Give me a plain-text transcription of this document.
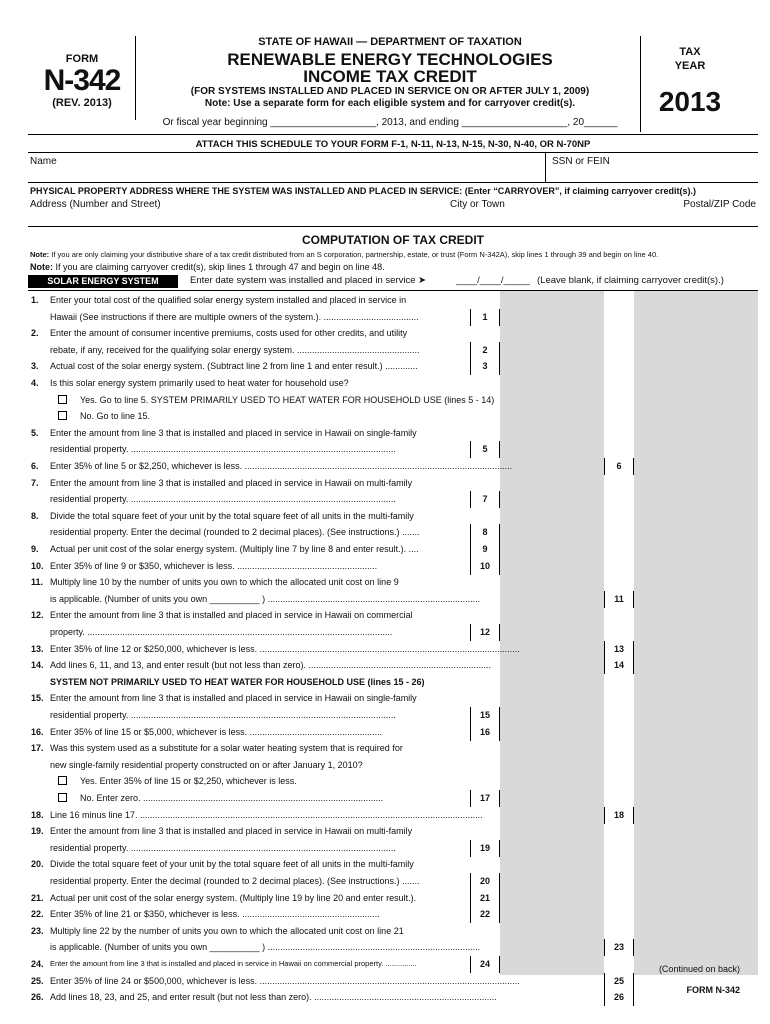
FORM
N-342
(REV. 2013)
STATE OF HAWAII — DEPARTMENT OF TAXATION
RENEWABLE ENERGY TECHNOLOGIES
INCOME TAX CREDIT
(FOR SYSTEMS INSTALLED AND PLACED IN SERVICE ON OR AFTER JULY 1, 2009)
Note: Use a separate form for each eligible system and for carryover credit(s).
Or fiscal year beginning ___________________, 2013, and ending ___________________, 20______
TAX
YEAR
2013
ATTACH THIS SCHEDULE TO YOUR FORM F-1, N-11, N-13, N-15, N-30, N-40, OR N-70NP
Name	SSN or FEIN
PHYSICAL PROPERTY ADDRESS WHERE THE SYSTEM WAS INSTALLED AND PLACED IN SERVICE: (Enter “CARRYOVER”, if claiming carryover credit(s).)
Address (Number and Street)	City or Town	Postal/ZIP Code
COMPUTATION OF TAX CREDIT
Note: If you are only claiming your distributive share of a tax credit distributed from an S corporation, partnership, estate, or trust (Form N-342A), skip lines 1 through 39 and begin on line 40.
Note: If you are claiming carryover credit(s), skip lines 1 through 47 and begin on line 48.
SOLAR ENERGY SYSTEM	Enter date system was installed and placed in service ➤	____/____/_____ (Leave blank, if claiming carryover credit(s).)
1. Enter your total cost of the qualified solar energy system installed and placed in service in
Hawaii (See instructions if there are multiple owners of the system.). ......................................	1
2. Enter the amount of consumer incentive premiums, costs used for other credits, and utility
rebate, if any, received for the qualifying solar energy system. .................................................	2
3. Actual cost of the solar energy system. (Subtract line 2 from line 1 and enter result.) .............	3
4. Is this solar energy system primarily used to heat water for household use?
Yes. Go to line 5. SYSTEM PRIMARILY USED TO HEAT WATER FOR HOUSEHOLD USE (lines 5 - 14)
No. Go to line 15.
5. Enter the amount from line 3 that is installed and placed in service in Hawaii on single-family
residential property. ..........................................................................................................	5
6. Enter 35% of line 5 or $2,250, whichever is less. ...........................................................................................................	6
7. Enter the amount from line 3 that is installed and placed in service in Hawaii on multi-family
residential property. ..........................................................................................................	7
8. Divide the total square feet of your unit by the total square feet of all units in the multi-family
residential property. Enter the decimal (rounded to 2 decimal places). (See instructions.) .......	8
9. Actual per unit cost of the solar energy system. (Multiply line 7 by line 8 and enter result.). ....	9
10. Enter 35% of line 9 or $350, whichever is less. ........................................................	10
11. Multiply line 10 by the number of units you own to which the allocated unit cost on line 9
is applicable. (Number of units you own __________ ) .....................................................................................	11
12. Enter the amount from line 3 that is installed and placed in service in Hawaii on commercial
property. ..........................................................................................................................	12
13. Enter 35% of line 12 or $250,000, whichever is less. ........................................................................................................	13
14. Add lines 6, 11, and 13, and enter result (but not less than zero). .........................................................................	14
SYSTEM NOT PRIMARILY USED TO HEAT WATER FOR HOUSEHOLD USE (lines 15 - 26)
15. Enter the amount from line 3 that is installed and placed in service in Hawaii on single-family
residential property. ..........................................................................................................	15
16. Enter 35% of line 15 or $5,000, whichever is less. .....................................................	16
17. Was this system used as a substitute for a solar water heating system that is required for
new single-family residential property constructed on or after January 1, 2010?
Yes. Enter 35% of line 15 or $2,250, whichever is less.
No. Enter zero. ................................................................................................	17
18. Line 16 minus line 17. .........................................................................................................................................	18
19. Enter the amount from line 3 that is installed and placed in service in Hawaii on multi-family
residential property. ..........................................................................................................	19
20. Divide the total square feet of your unit by the total square feet of all units in the multi-family
residential property. Enter the decimal (rounded to 2 decimal places). (See instructions.) .......	20
21. Actual per unit cost of the solar energy system. (Multiply line 19 by line 20 and enter result.).	21
22. Enter 35% of line 21 or $350, whichever is less. .......................................................	22
23. Multiply line 22 by the number of units you own to which the allocated unit cost on line 21
is applicable. (Number of units you own __________ ) .....................................................................................	23
24. Enter the amount from line 3 that is installed and placed in service in Hawaii on commercial property. ...............	24
25. Enter 35% of line 24 or $500,000, whichever is less. ........................................................................................................	25
26. Add lines 18, 23, and 25, and enter result (but not less than zero). .........................................................................	26
(Continued on back)
FORM N-342
